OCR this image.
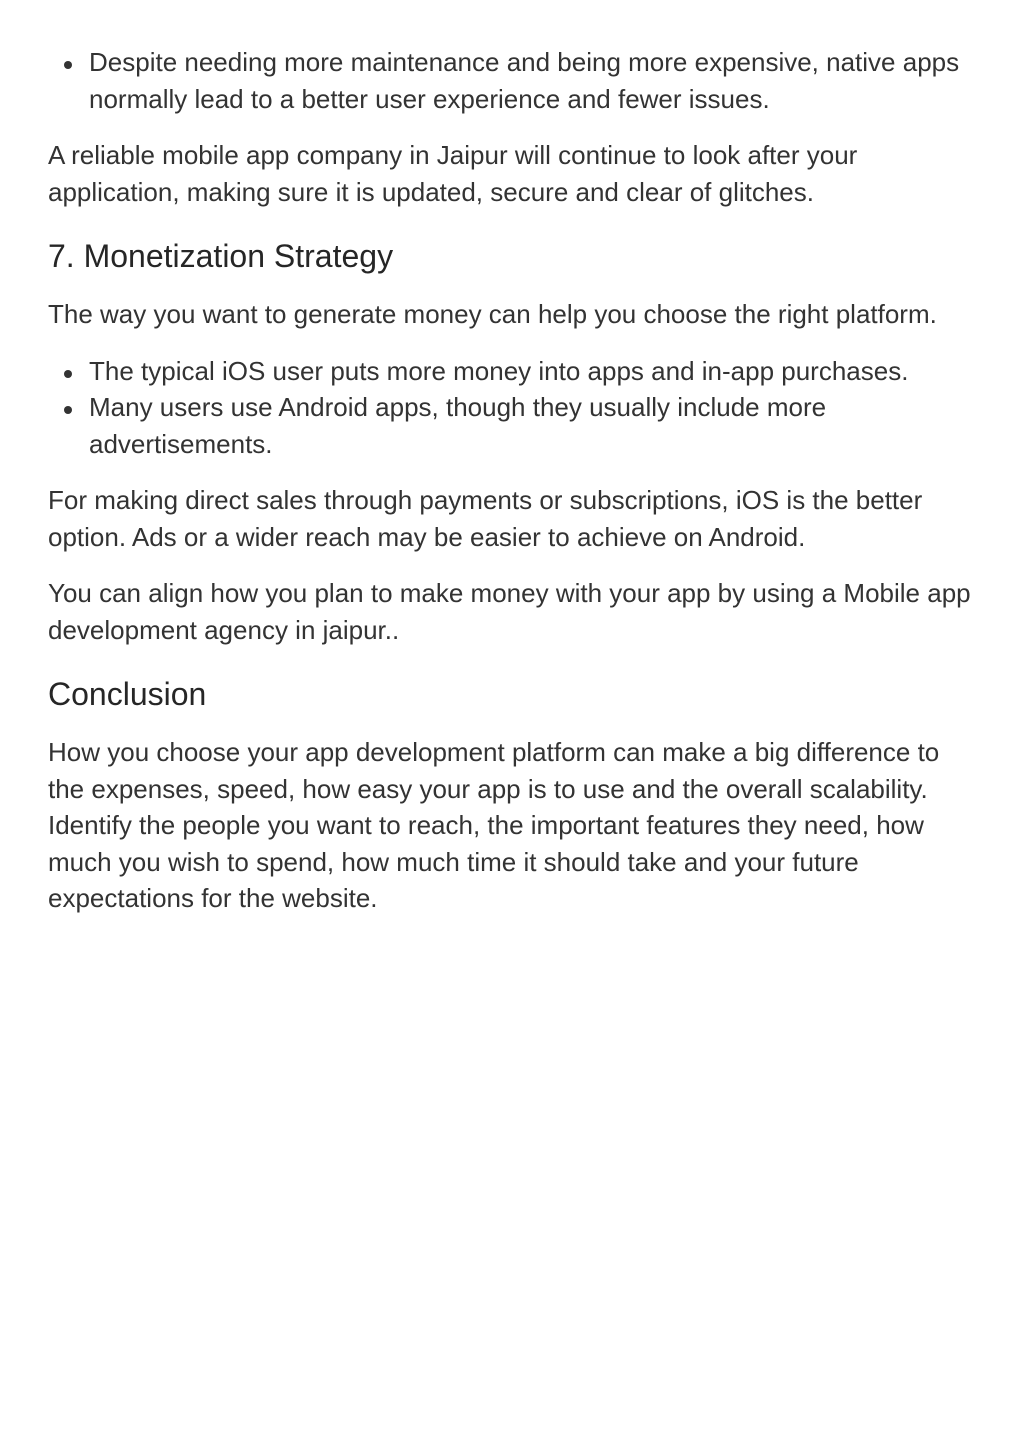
Despite needing more maintenance and being more expensive, native apps normally lead to a better user experience and fewer issues.

A reliable mobile app company in Jaipur will continue to look after your application, making sure it is updated, secure and clear of glitches.

7. Monetization Strategy

The way you want to generate money can help you choose the right platform.

The typical iOS user puts more money into apps and in-app purchases.
Many users use Android apps, though they usually include more advertisements.

For making direct sales through payments or subscriptions, iOS is the better option. Ads or a wider reach may be easier to achieve on Android.

You can align how you plan to make money with your app by using a Mobile app development agency in jaipur..

Conclusion

How you choose your app development platform can make a big difference to the expenses, speed, how easy your app is to use and the overall scalability. Identify the people you want to reach, the important features they need, how much you wish to spend, how much time it should take and your future expectations for the website.
